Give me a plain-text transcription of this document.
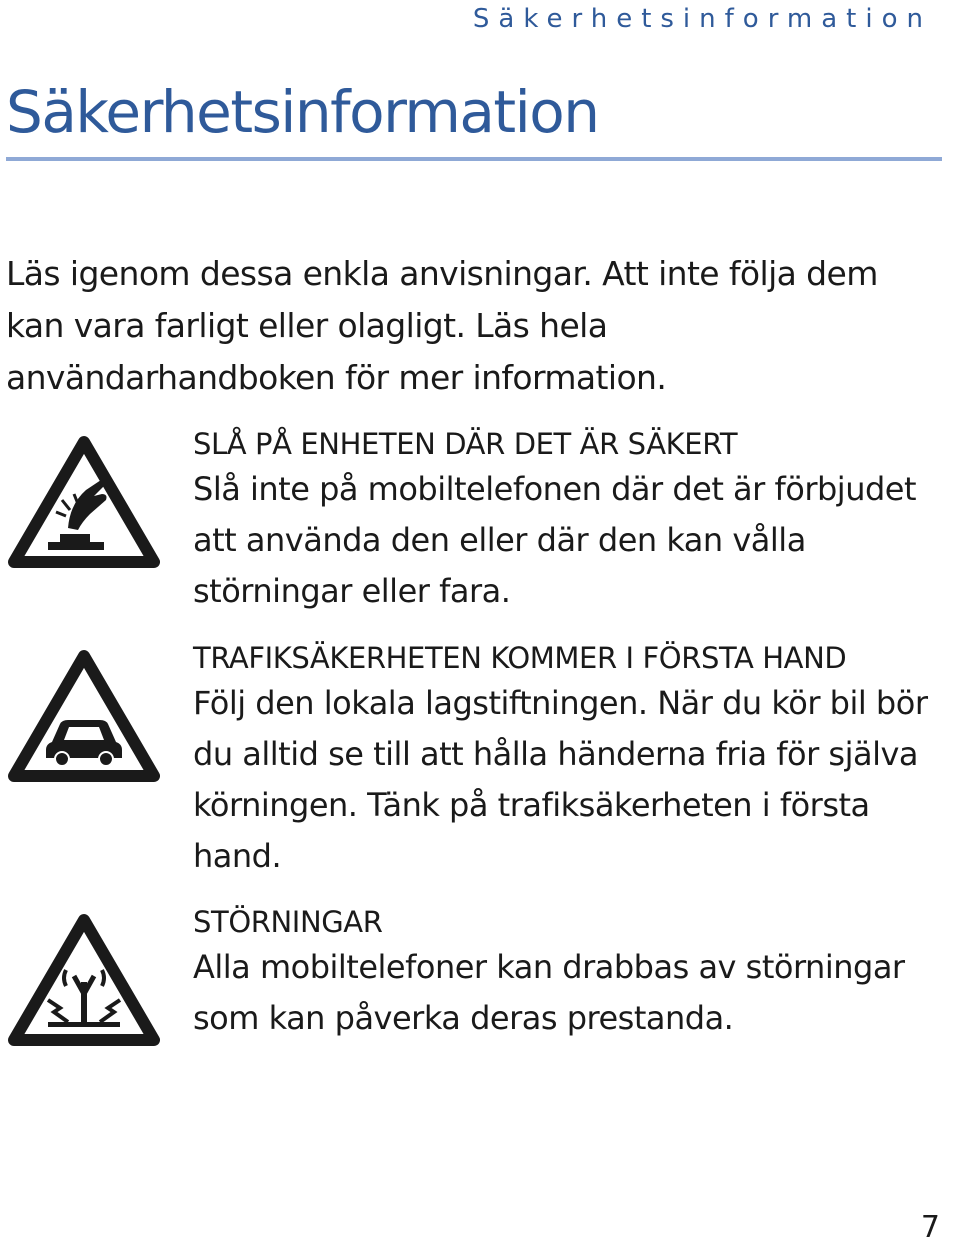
Säkerhetsinformation
Säkerhetsinformation

Läs igenom dessa enkla anvisningar. Att inte följa dem kan vara farligt eller olagligt. Läs hela användarhandboken för mer information.

SLÅ PÅ ENHETEN DÄR DET ÄR SÄKERT

Slå inte på mobiltelefonen där det är förbjudet att använda den eller där den kan vålla störningar eller fara.

TRAFIKSÄKERHETEN KOMMER I FÖRSTA HAND

Följ den lokala lagstiftningen. När du kör bil bör du alltid se till att hålla händerna fria för själva körningen. Tänk på trafiksäkerheten i första hand.

STÖRNINGAR

Alla mobiltelefoner kan drabbas av störningar som kan påverka deras prestanda.

7
